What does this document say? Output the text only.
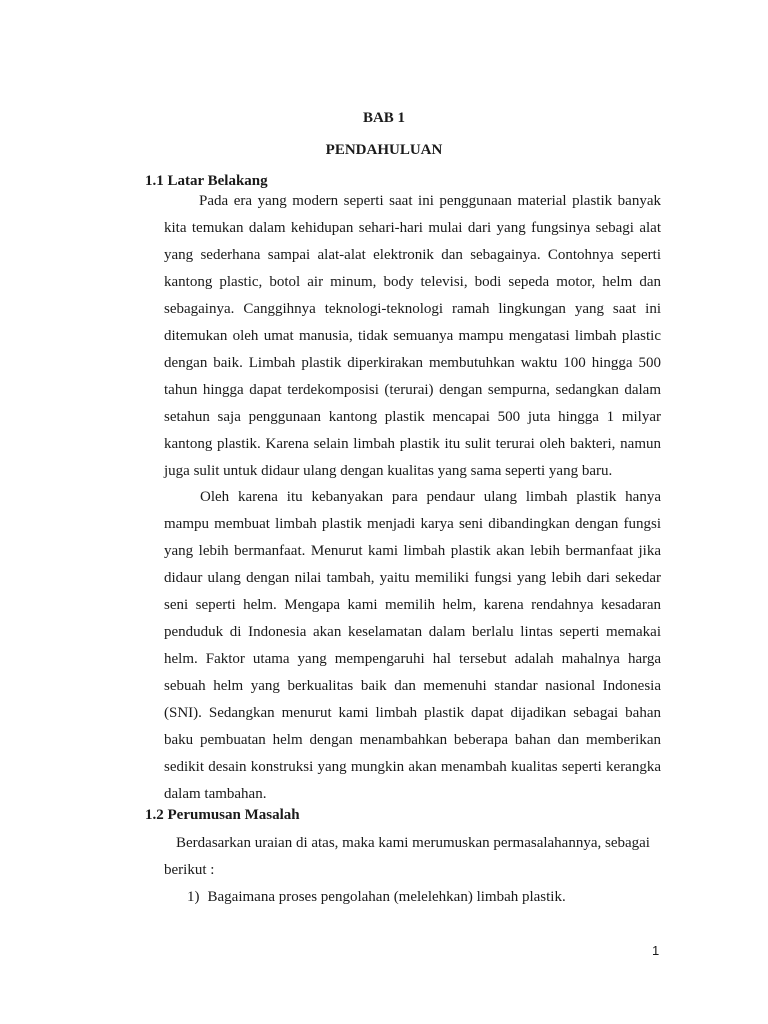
BAB 1
PENDAHULUAN
1.1 Latar Belakang

Pada era yang modern seperti saat ini penggunaan material plastik banyak kita temukan dalam kehidupan sehari-hari mulai dari yang fungsinya sebagi alat yang sederhana sampai alat-alat elektronik dan sebagainya. Contohnya seperti kantong plastic, botol air minum, body televisi, bodi sepeda motor, helm dan sebagainya. Canggihnya teknologi-teknologi ramah lingkungan yang saat ini ditemukan oleh umat manusia, tidak semuanya mampu mengatasi limbah plastic dengan baik. Limbah plastik diperkirakan membutuhkan waktu 100 hingga 500 tahun hingga dapat terdekomposisi (terurai) dengan sempurna, sedangkan dalam setahun saja penggunaan kantong plastik mencapai 500 juta hingga 1 milyar kantong plastik. Karena selain limbah plastik itu sulit terurai oleh bakteri, namun juga sulit untuk didaur ulang dengan kualitas yang sama seperti yang baru.

Oleh karena itu kebanyakan para pendaur ulang limbah plastik hanya mampu membuat limbah plastik menjadi karya seni dibandingkan dengan fungsi yang lebih bermanfaat. Menurut kami limbah plastik akan lebih bermanfaat jika didaur ulang dengan nilai tambah, yaitu memiliki fungsi yang lebih dari sekedar seni seperti helm. Mengapa kami memilih helm, karena rendahnya kesadaran penduduk di Indonesia akan keselamatan dalam berlalu lintas seperti memakai helm. Faktor utama yang mempengaruhi hal tersebut adalah mahalnya harga sebuah helm yang berkualitas baik dan memenuhi standar nasional Indonesia (SNI). Sedangkan menurut kami limbah plastik dapat dijadikan sebagai bahan baku pembuatan helm dengan menambahkan beberapa bahan dan memberikan sedikit desain konstruksi yang mungkin akan menambah kualitas seperti kerangka dalam tambahan.

1.2 Perumusan Masalah

Berdasarkan uraian di atas, maka kami merumuskan permasalahannya, sebagai berikut :

1) Bagaimana proses pengolahan (melelehkan) limbah plastik.
1
